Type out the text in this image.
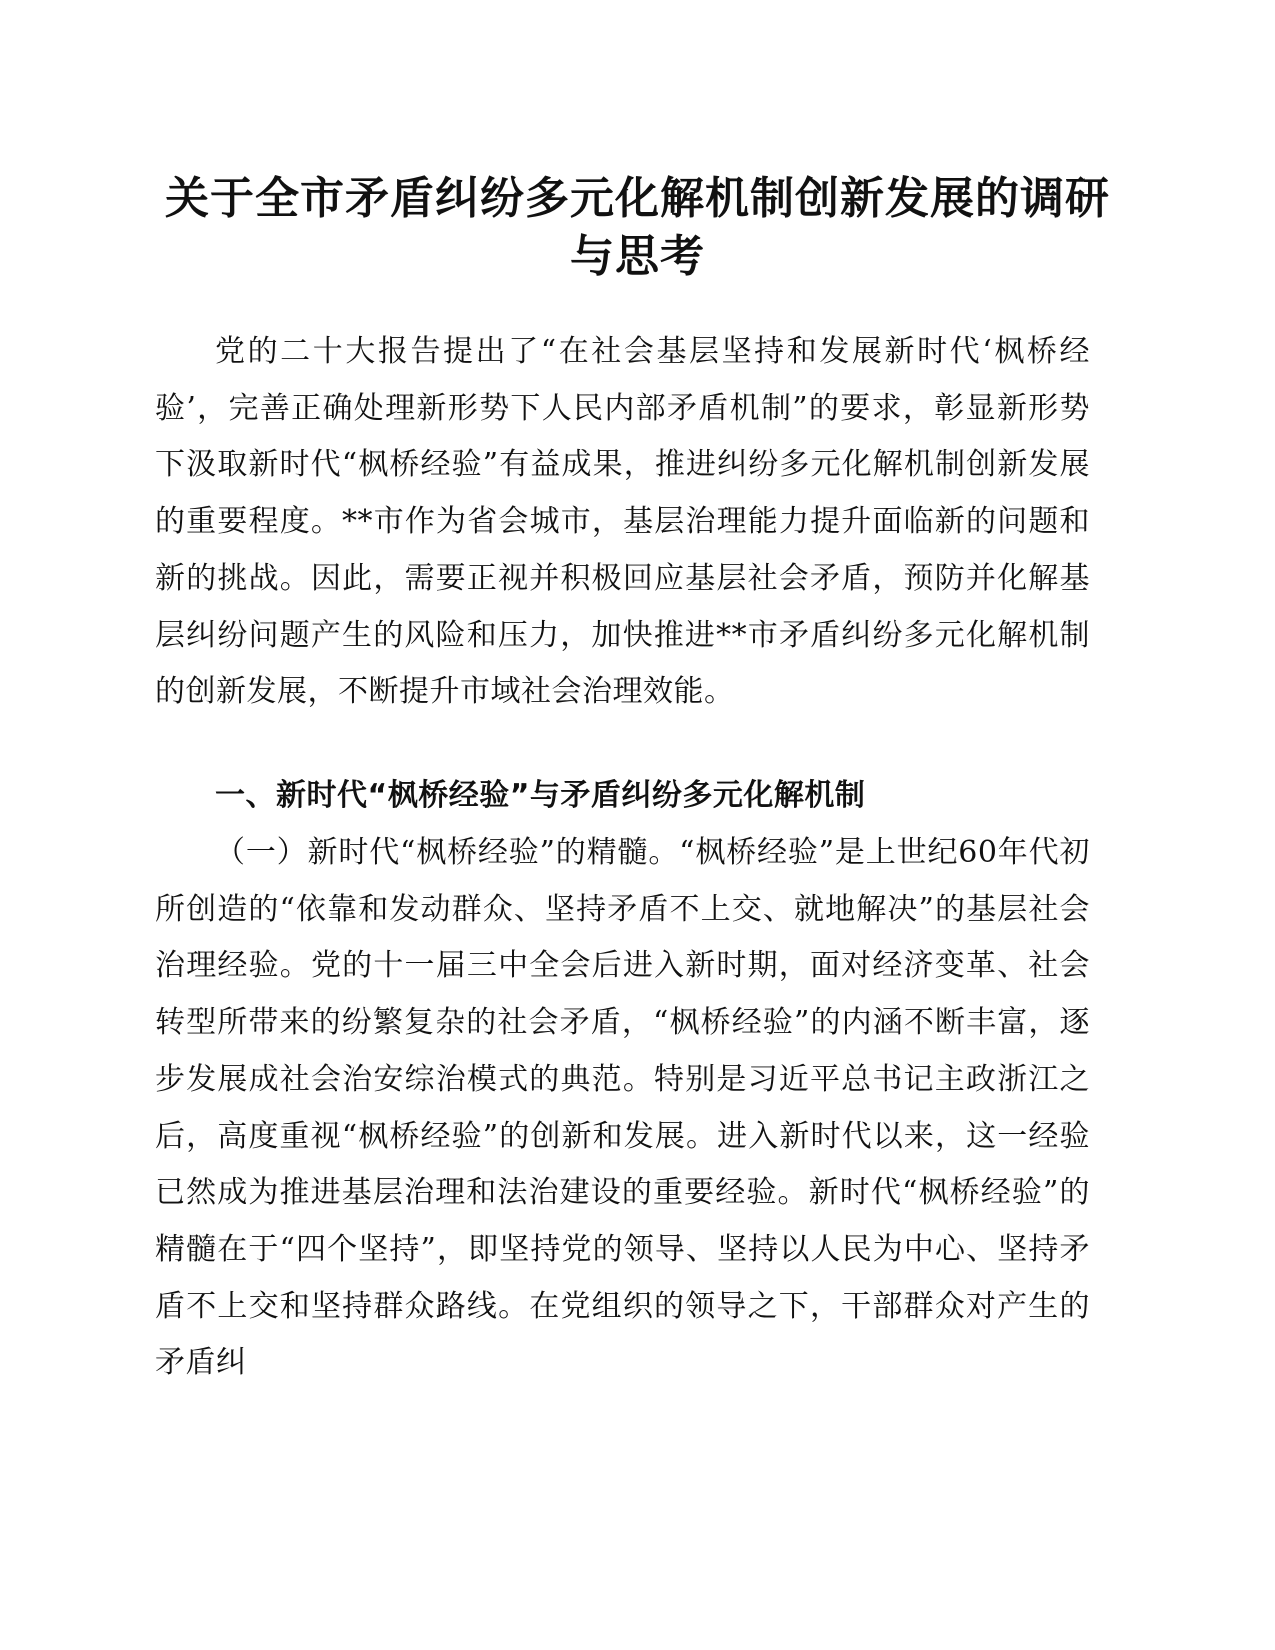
关于全市矛盾纠纷多元化解机制创新发展的调研与思考

党的二十大报告提出了“在社会基层坚持和发展新时代‘枫桥经验’，完善正确处理新形势下人民内部矛盾机制”的要求，彰显新形势下汲取新时代“枫桥经验”有益成果，推进纠纷多元化解机制创新发展的重要程度。**市作为省会城市，基层治理能力提升面临新的问题和新的挑战。因此，需要正视并积极回应基层社会矛盾，预防并化解基层纠纷问题产生的风险和压力，加快推进**市矛盾纠纷多元化解机制的创新发展，不断提升市域社会治理效能。

一、新时代“枫桥经验”与矛盾纠纷多元化解机制

（一）新时代“枫桥经验”的精髓。“枫桥经验”是上世纪60年代初所创造的“依靠和发动群众、坚持矛盾不上交、就地解决”的基层社会治理经验。党的十一届三中全会后进入新时期，面对经济变革、社会转型所带来的纷繁复杂的社会矛盾，“枫桥经验”的内涵不断丰富，逐步发展成社会治安综治模式的典范。特别是习近平总书记主政浙江之后，高度重视“枫桥经验”的创新和发展。进入新时代以来，这一经验已然成为推进基层治理和法治建设的重要经验。新时代“枫桥经验”的精髓在于“四个坚持”，即坚持党的领导、坚持以人民为中心、坚持矛盾不上交和坚持群众路线。在党组织的领导之下，干部群众对产生的矛盾纠
